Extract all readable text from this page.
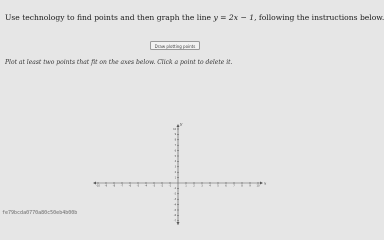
Use technology to find points and then graph the line y = 2x − 1, following the instructions below.
Draw plotting points
Plot at least two points that fit on the axes below. Click a point to delete it.
x
y
-10 -9 -8 -7 -6 -5 -4 -3 -2 -1	1	2	3	4	5	6	7	8	9 10
-7
-6
-5
-4
-3
-2
-1
1
2
3
4
5
6
7
8
9
10
fe79bcda0770a80c50eb4b00b
